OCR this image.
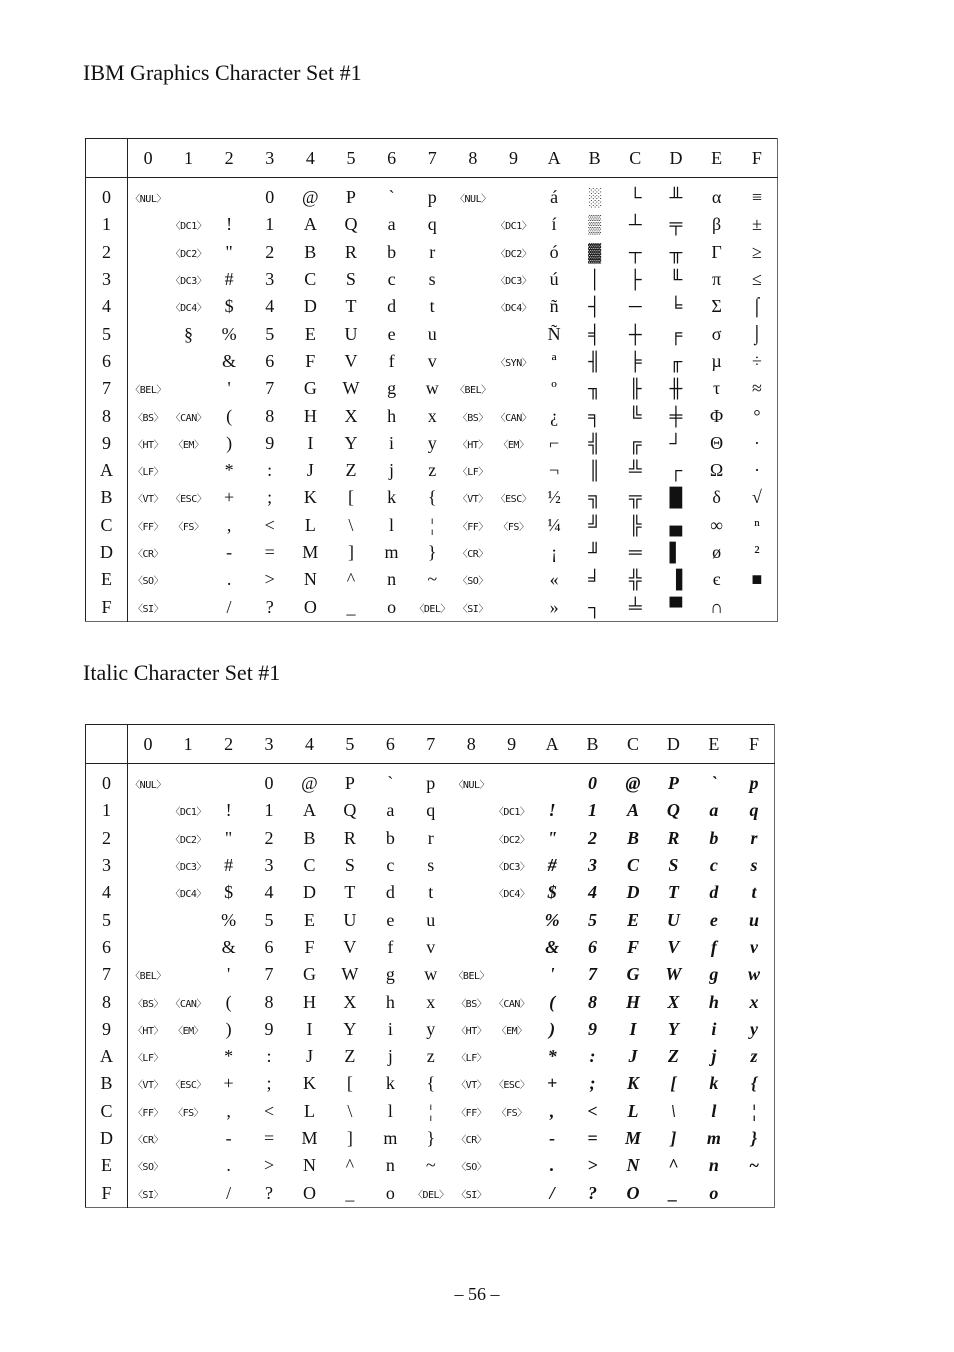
IBM Graphics Character Set #1
	0	1	2	3	4	5	6	7	8	9	A	B	C	D	E	F
0	〈NUL〉			0	@	P	`	p	〈NUL〉		á	░	└	╨	α	≡
1		〈DC1〉	!	1	A	Q	a	q		〈DC1〉	í	▒	┴	╤	β	±
2		〈DC2〉	"	2	B	R	b	r		〈DC2〉	ó	▓	┬	╥	Γ	≥
3		〈DC3〉	#	3	C	S	c	s		〈DC3〉	ú	│	├	╙	π	≤
4		〈DC4〉	$	4	D	T	d	t		〈DC4〉	ñ	┤	─	╘	Σ	⌠
5		§	%	5	E	U	e	u			Ñ	╡	┼	╒	σ	⌡
6			&	6	F	V	f	v		〈SYN〉	ª	╢	╞	╓	µ	÷
7	〈BEL〉		'	7	G	W	g	w	〈BEL〉		º	╖	╟	╫	τ	≈
8	〈BS〉	〈CAN〉	(	8	H	X	h	x	〈BS〉	〈CAN〉	¿	╕	╚	╪	Φ	°
9	〈HT〉	〈EM〉	)	9	I	Y	i	y	〈HT〉	〈EM〉	⌐	╣	╔	┘	Θ	∙
A	〈LF〉		*	:	J	Z	j	z	〈LF〉		¬	║	╩	┌	Ω	·
B	〈VT〉	〈ESC〉	+	;	K	[	k	{	〈VT〉	〈ESC〉	½	╗	╦	█	δ	√
C	〈FF〉	〈FS〉	,	<	L	\	l	¦	〈FF〉	〈FS〉	¼	╝	╠	▄	∞	ⁿ
D	〈CR〉		-	=	M	]	m	}	〈CR〉		¡	╜	═	▌	ø	²
E	〈SO〉		.	>	N	^	n	~	〈SO〉		«	╛	╬	▐	є	■
F	〈SI〉		/	?	O	_	o	〈DEL〉	〈SI〉		»	┐	╧	▀	∩	
Italic Character Set #1
	0	1	2	3	4	5	6	7	8	9	A	B	C	D	E	F
0	〈NUL〉			0	@	P	`	p	〈NUL〉			0	@	P	`	p
1		〈DC1〉	!	1	A	Q	a	q		〈DC1〉	!	1	A	Q	a	q
2		〈DC2〉	"	2	B	R	b	r		〈DC2〉	"	2	B	R	b	r
3		〈DC3〉	#	3	C	S	c	s		〈DC3〉	#	3	C	S	c	s
4		〈DC4〉	$	4	D	T	d	t		〈DC4〉	$	4	D	T	d	t
5			%	5	E	U	e	u			%	5	E	U	e	u
6			&	6	F	V	f	v			&	6	F	V	f	v
7	〈BEL〉		'	7	G	W	g	w	〈BEL〉		'	7	G	W	g	w
8	〈BS〉	〈CAN〉	(	8	H	X	h	x	〈BS〉	〈CAN〉	(	8	H	X	h	x
9	〈HT〉	〈EM〉	)	9	I	Y	i	y	〈HT〉	〈EM〉	)	9	I	Y	i	y
A	〈LF〉		*	:	J	Z	j	z	〈LF〉		*	:	J	Z	j	z
B	〈VT〉	〈ESC〉	+	;	K	[	k	{	〈VT〉	〈ESC〉	+	;	K	[	k	{
C	〈FF〉	〈FS〉	,	<	L	\	l	¦	〈FF〉	〈FS〉	,	<	L	\	l	¦
D	〈CR〉		-	=	M	]	m	}	〈CR〉		-	=	M	]	m	}
E	〈SO〉		.	>	N	^	n	~	〈SO〉		.	>	N	^	n	~
F	〈SI〉		/	?	O	_	o	〈DEL〉	〈SI〉		/	?	O	_	o	

– 56 –
